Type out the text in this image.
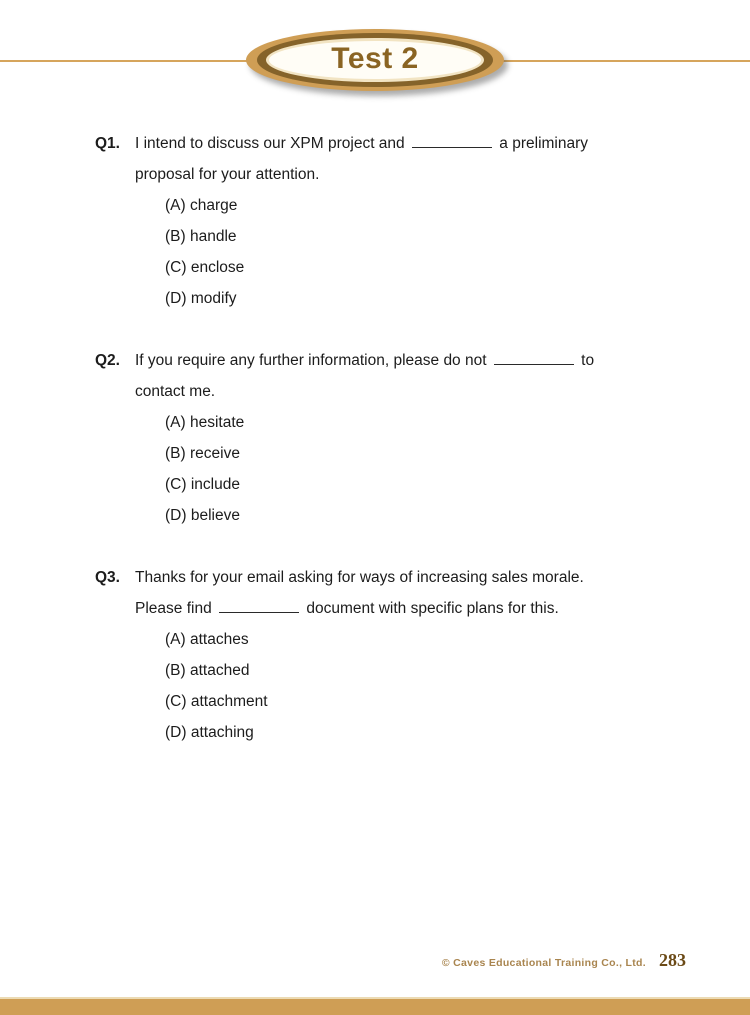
Test 2
Q1. I intend to discuss our XPM project and	a preliminary
proposal for your attention.
(A) charge
(B) handle
(C) enclose
(D) modify
Q2. If you require any further information, please do not	to
contact me.
(A) hesitate
(B) receive
(C) include
(D) believe
Q3. Thanks for your email asking for ways of increasing sales morale.
Please find	document with specific plans for this.
(A) attaches
(B) attached
(C) attachment
(D) attaching
© Caves Educational Training Co., Ltd. 283
